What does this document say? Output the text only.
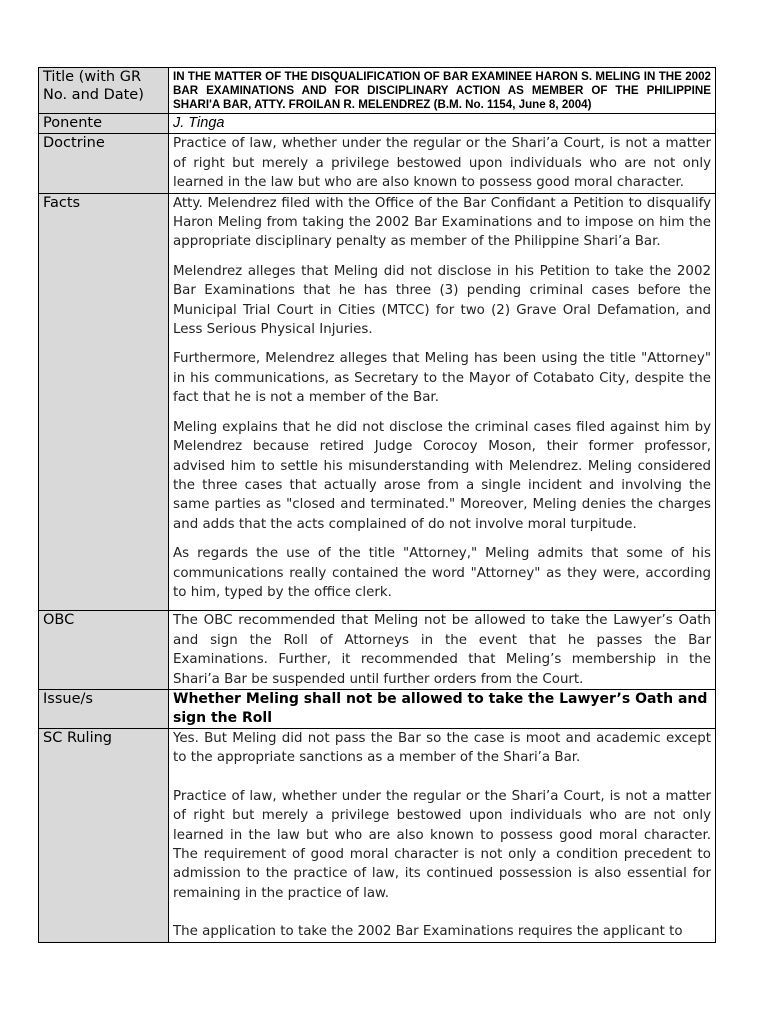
Title (with GR No. and Date)	IN THE MATTER OF THE DISQUALIFICATION OF BAR EXAMINEE HARON S. MELING IN THE 2002 BAR EXAMINATIONS AND FOR DISCIPLINARY ACTION AS MEMBER OF THE PHILIPPINE SHARI'A BAR, ATTY. FROILAN R. MELENDREZ (B.M. No. 1154, June 8, 2004)

Ponente	J. Tinga
Doctrine	Practice of law, whether under the regular or the Shari’a Court, is not a matter of right but merely a privilege bestowed upon individuals who are not only learned in the law but who are also known to possess good moral character.

Facts	Atty. Melendrez filed with the Office of the Bar Confidant a Petition to disqualify Haron Meling from taking the 2002 Bar Examinations and to impose on him the appropriate disciplinary penalty as member of the Philippine Shari’a Bar.

Melendrez alleges that Meling did not disclose in his Petition to take the 2002 Bar Examinations that he has three (3) pending criminal cases before the Municipal Trial Court in Cities (MTCC) for two (2) Grave Oral Defamation, and Less Serious Physical Injuries.

Furthermore, Melendrez alleges that Meling has been using the title "Attorney" in his communications, as Secretary to the Mayor of Cotabato City, despite the fact that he is not a member of the Bar.

Meling explains that he did not disclose the criminal cases filed against him by Melendrez because retired Judge Corocoy Moson, their former professor, advised him to settle his misunderstanding with Melendrez. Meling considered the three cases that actually arose from a single incident and involving the same parties as "closed and terminated." Moreover, Meling denies the charges and adds that the acts complained of do not involve moral turpitude.

As regards the use of the title "Attorney," Meling admits that some of his communications really contained the word "Attorney" as they were, according to him, typed by the office clerk.

OBC	The OBC recommended that Meling not be allowed to take the Lawyer’s Oath and sign the Roll of Attorneys in the event that he passes the Bar Examinations. Further, it recommended that Meling’s membership in the Shari’a Bar be suspended until further orders from the Court.

Issue/s	Whether Meling shall not be allowed to take the Lawyer’s Oath and sign the Roll

SC Ruling	Yes. But Meling did not pass the Bar so the case is moot and academic except to the appropriate sanctions as a member of the Shari’a Bar.

Practice of law, whether under the regular or the Shari’a Court, is not a matter of right but merely a privilege bestowed upon individuals who are not only learned in the law but who are also known to possess good moral character. The requirement of good moral character is not only a condition precedent to admission to the practice of law, its continued possession is also essential for remaining in the practice of law.

The application to take the 2002 Bar Examinations requires the applicant to
